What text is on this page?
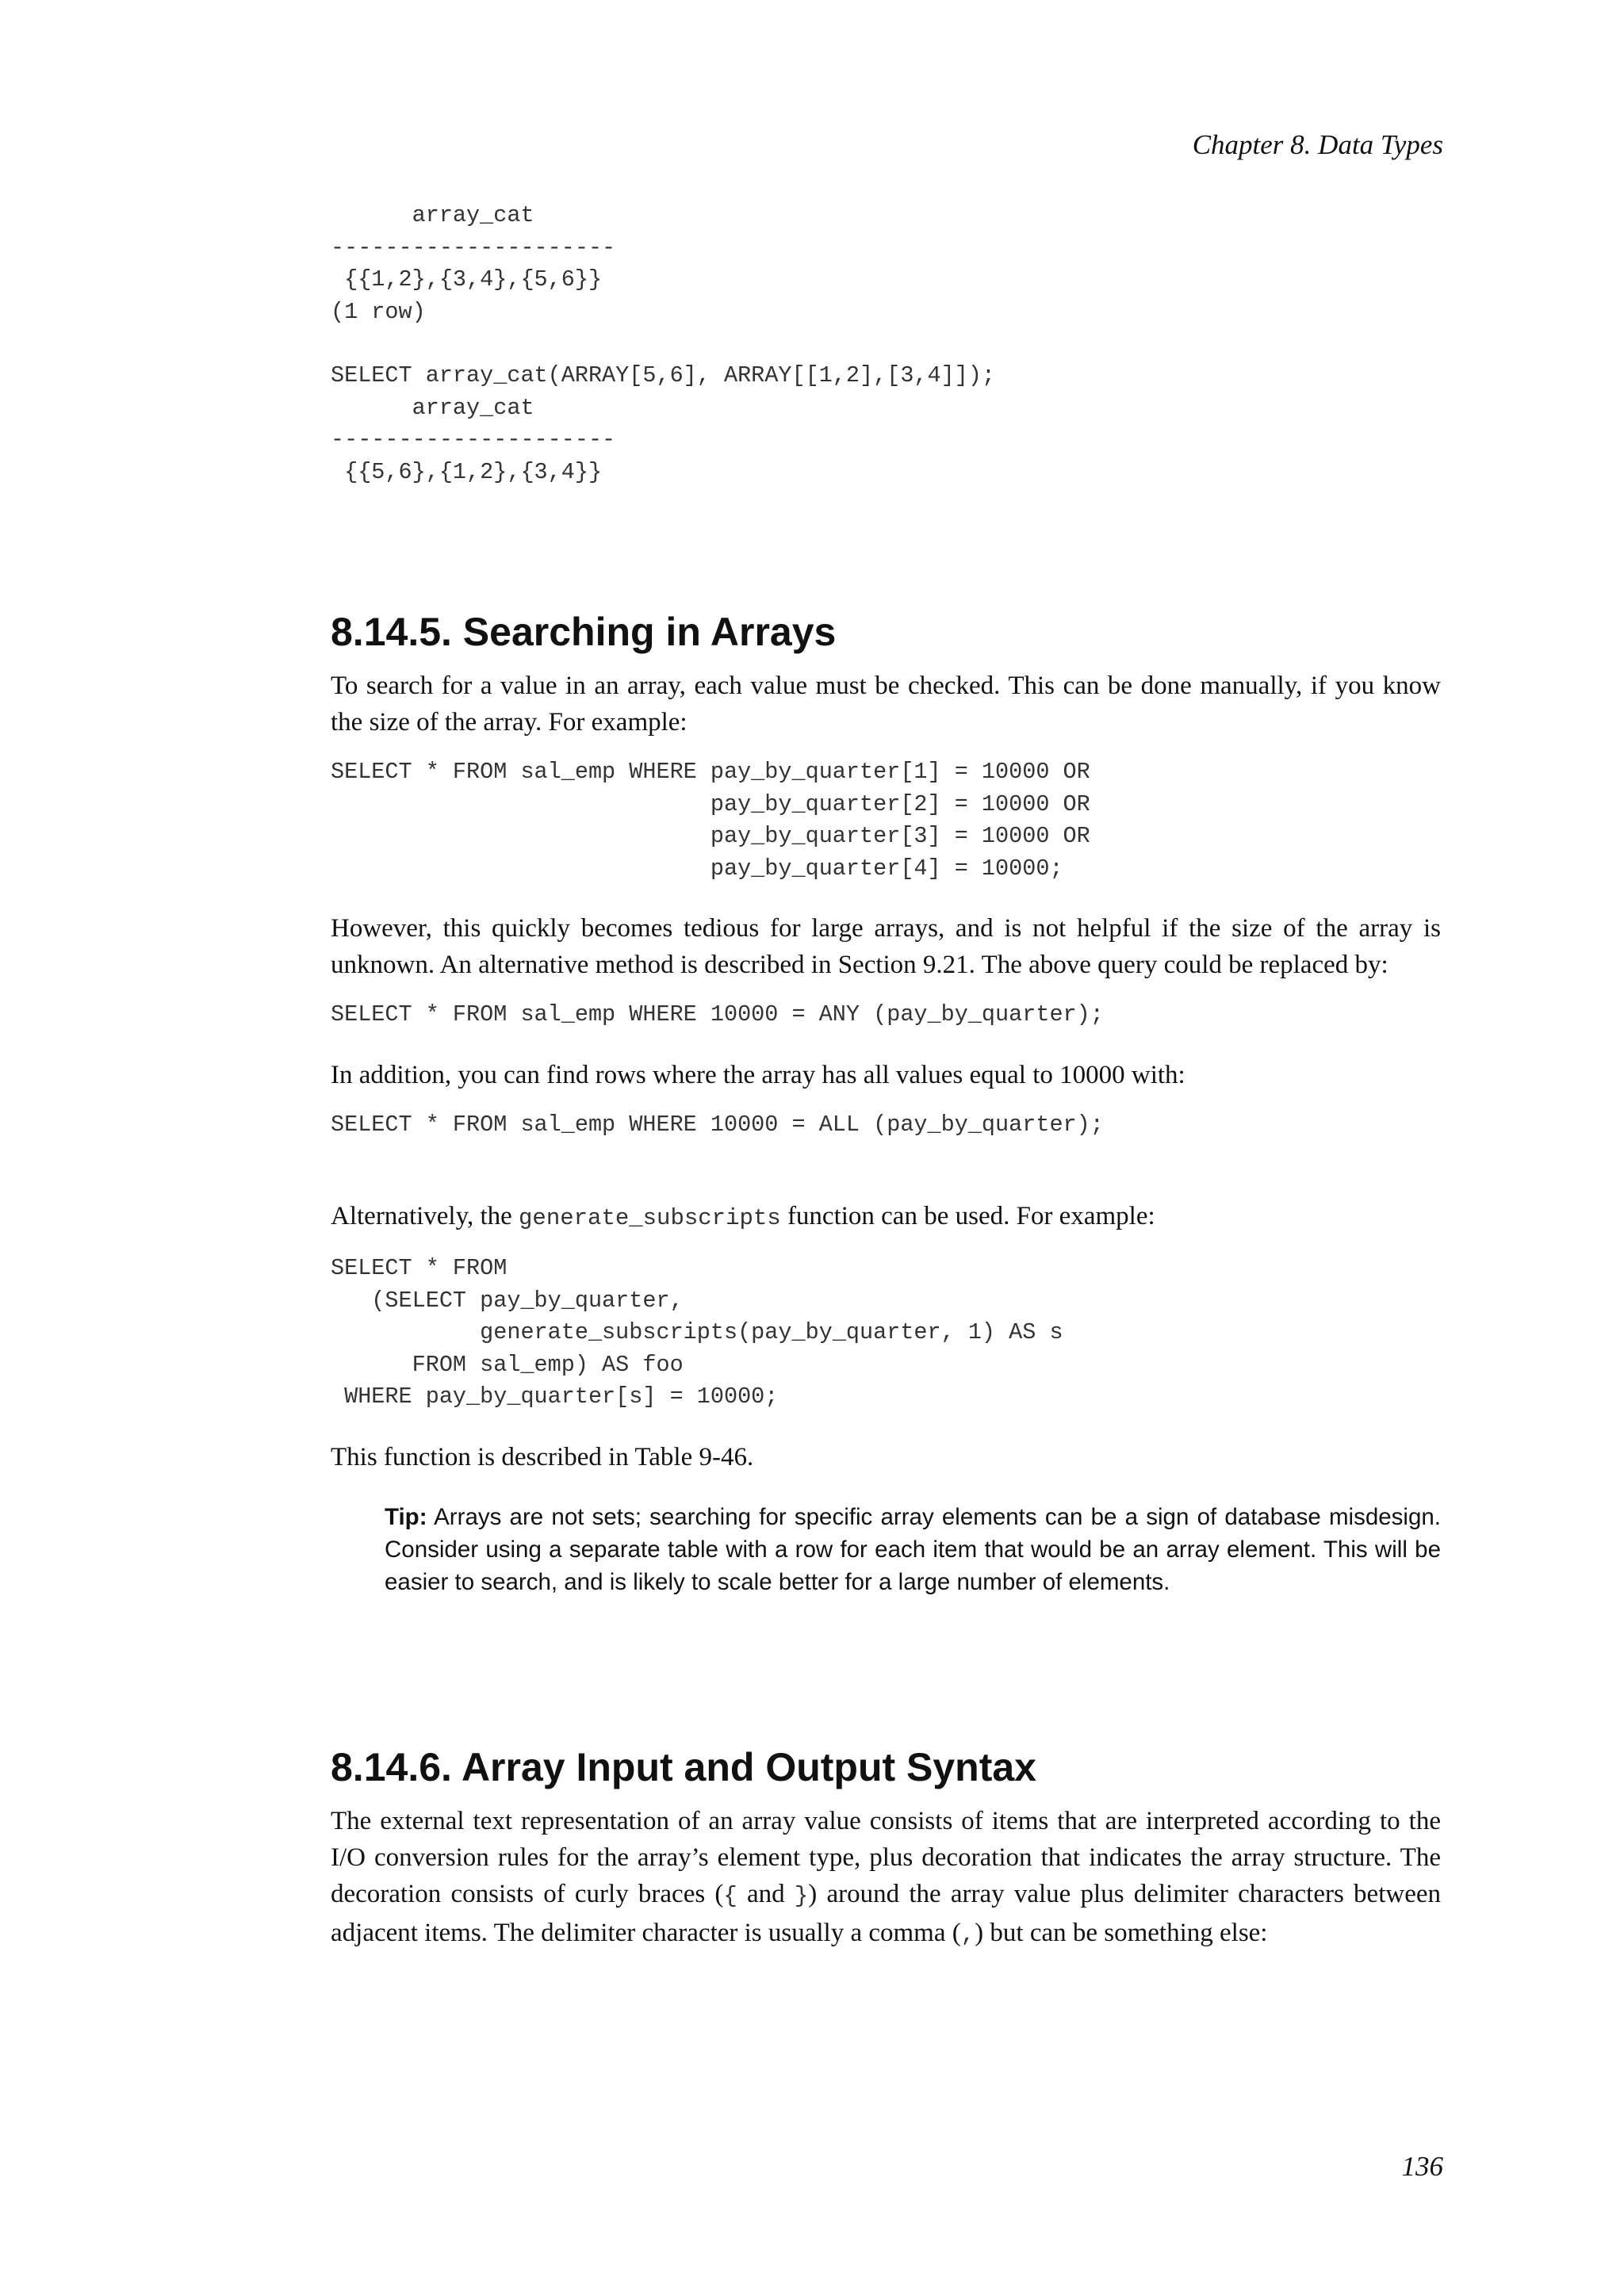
Chapter 8. Data Types
array_cat
---------------------
{{1,2},{3,4},{5,6}}
(1 row)
SELECT array_cat(ARRAY[5,6], ARRAY[[1,2],[3,4]]);
array_cat
---------------------
{{5,6},{1,2},{3,4}}
8.14.5. Searching in Arrays

To search for a value in an array, each value must be checked. This can be done manually, if you know the size of the array. For example:

SELECT * FROM sal_emp WHERE pay_by_quarter[1] = 10000 OR
pay_by_quarter[2] = 10000 OR
pay_by_quarter[3] = 10000 OR
pay_by_quarter[4] = 10000;

However, this quickly becomes tedious for large arrays, and is not helpful if the size of the array is unknown. An alternative method is described in Section 9.21. The above query could be replaced by:

SELECT * FROM sal_emp WHERE 10000 = ANY (pay_by_quarter);

In addition, you can find rows where the array has all values equal to 10000 with:

SELECT * FROM sal_emp WHERE 10000 = ALL (pay_by_quarter);

Alternatively, the generate_subscripts function can be used. For example:

SELECT * FROM
(SELECT pay_by_quarter,
generate_subscripts(pay_by_quarter, 1) AS s
FROM sal_emp) AS foo
WHERE pay_by_quarter[s] = 10000;

This function is described in Table 9-46.

Tip: Arrays are not sets; searching for specific array elements can be a sign of database misdesign. Consider using a separate table with a row for each item that would be an array element. This will be easier to search, and is likely to scale better for a large number of elements.

8.14.6. Array Input and Output Syntax

The external text representation of an array value consists of items that are interpreted according to the I/O conversion rules for the array’s element type, plus decoration that indicates the array structure. The decoration consists of curly braces ({ and }) around the array value plus delimiter characters between adjacent items. The delimiter character is usually a comma (,) but can be something else:

136
